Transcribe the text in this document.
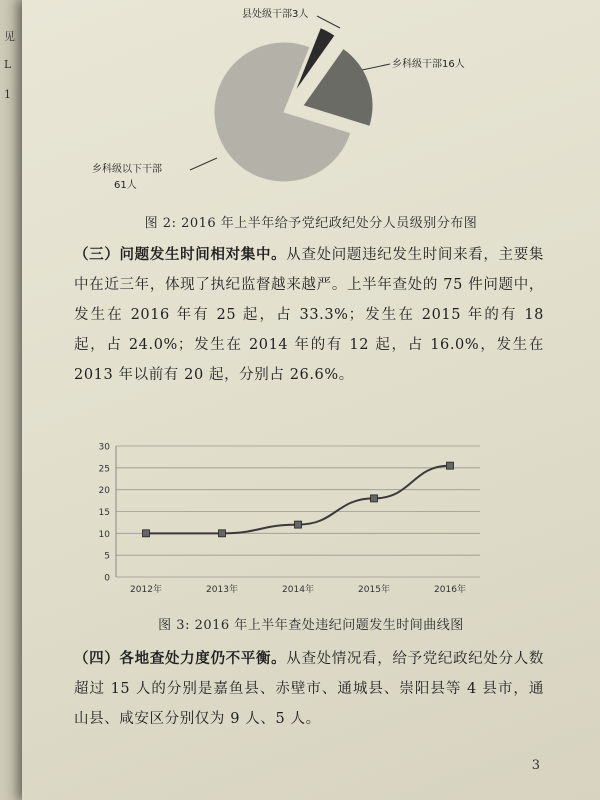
见
L
1
县处级干部3人
乡科级干部16人
乡科级以下干部
61人
图 2: 2016 年上半年给予党纪政纪处分人员级别分布图
（三）问题发生时间相对集中。从查处问题违纪发生时间来看，主要集中在近三年，体现了执纪监督越来越严。上半年查处的 75 件问题中，发生在 2016 年有 25 起，占 33.3%；发生在 2015 年的有 18 起，占 24.0%；发生在 2014 年的有 12 起，占 16.0%，发生在 2013 年以前有 20 起，分别占 26.6%。
0
5
10
15
20
25
30
2012年	2013年	2014年	2015年	2016年
图 3: 2016 年上半年查处违纪问题发生时间曲线图
（四）各地查处力度仍不平衡。从查处情况看，给予党纪政纪处分人数超过 15 人的分别是嘉鱼县、赤壁市、通城县、崇阳县等 4 县市，通山县、咸安区分别仅为 9 人、5 人。
3
